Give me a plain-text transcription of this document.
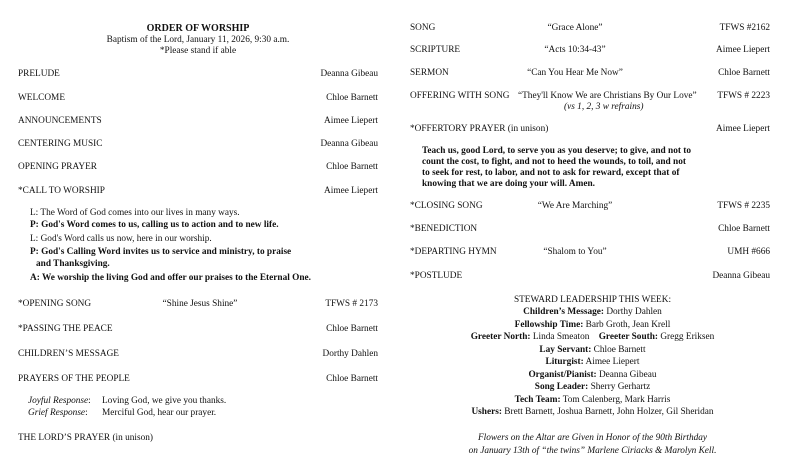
ORDER OF WORSHIP
Baptism of the Lord, January 11, 2026, 9:30 a.m.
*Please stand if able
PRELUDE	Deanna Gibeau
WELCOME	Chloe Barnett
ANNOUNCEMENTS	Aimee Liepert
CENTERING MUSIC	Deanna Gibeau
OPENING PRAYER	Chloe Barnett
*CALL TO WORSHIP	Aimee Liepert
L: The Word of God comes into our lives in many ways.
P: God's Word comes to us, calling us to action and to new life.
L: God's Word calls us now, here in our worship.
P: God's Calling Word invites us to service and ministry, to praise
and Thanksgiving.
A: We worship the living God and offer our praises to the Eternal One.
*OPENING SONG	“Shine Jesus Shine”	TFWS # 2173
*PASSING THE PEACE	Chloe Barnett
CHILDREN’S MESSAGE	Dorthy Dahlen
PRAYERS OF THE PEOPLE	Chloe Barnett
Joyful Response: Loving God, we give you thanks.
Grief Response: Merciful God, hear our prayer.
THE LORD’S PRAYER (in unison)
SONG	“Grace Alone”	TFWS #2162
SCRIPTURE	“Acts 10:34-43”	Aimee Liepert
SERMON	“Can You Hear Me Now”	Chloe Barnett
OFFERING WITH SONG “They'll Know We are Christians By Our Love” TFWS # 2223
(vs 1, 2, 3 w refrains)
*OFFERTORY PRAYER (in unison)	Aimee Liepert
Teach us, good Lord, to serve you as you deserve; to give, and not to
count the cost, to fight, and not to heed the wounds, to toil, and not
to seek for rest, to labor, and not to ask for reward, except that of
knowing that we are doing your will. Amen.
*CLOSING SONG	“We Are Marching”	TFWS # 2235
*BENEDICTION	Chloe Barnett
*DEPARTING HYMN	“Shalom to You”	UMH #666
*POSTLUDE	Deanna Gibeau
STEWARD LEADERSHIP THIS WEEK:
Children’s Message: Dorthy Dahlen
Fellowship Time: Barb Groth, Jean Krell
Greeter North: Linda Smeaton Greeter South: Gregg Eriksen
Lay Servant: Chloe Barnett
Liturgist: Aimee Liepert
Organist/Pianist: Deanna Gibeau
Song Leader: Sherry Gerhartz
Tech Team: Tom Calenberg, Mark Harris
Ushers: Brett Barnett, Joshua Barnett, John Holzer, Gil Sheridan
Flowers on the Altar are Given in Honor of the 90th Birthday
on January 13th of “the twins” Marlene Ciriacks & Marolyn Kell.
